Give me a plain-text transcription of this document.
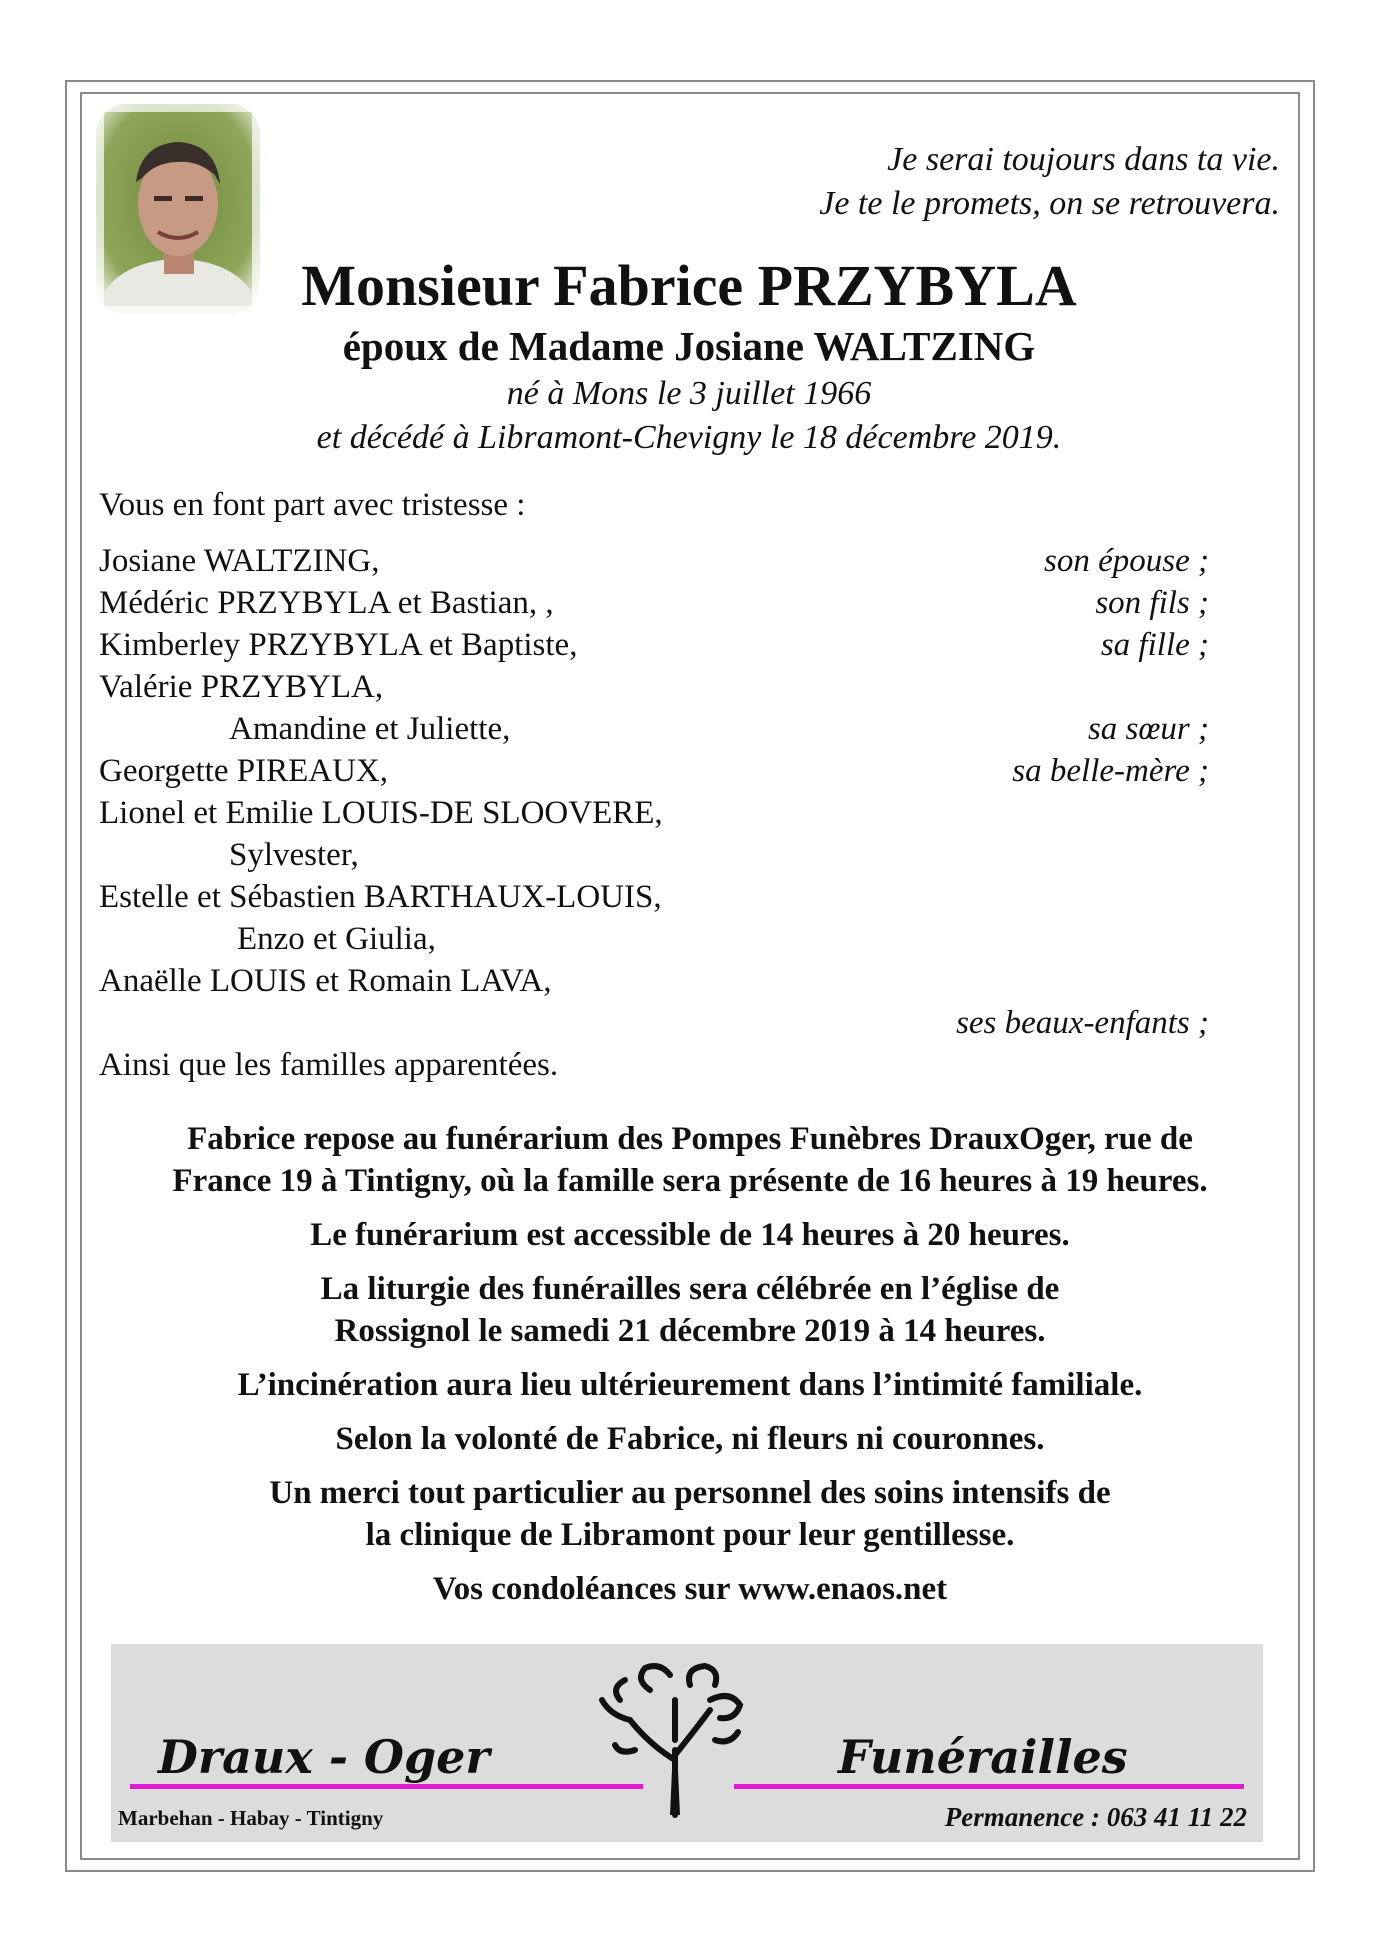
Je serai toujours dans ta vie.
Je te le promets, on se retrouvera.
Monsieur Fabrice PRZYBYLA
époux de Madame Josiane WALTZING
né à Mons le 3 juillet 1966
et décédé à Libramont-Chevigny le 18 décembre 2019.
Vous en font part avec tristesse :
Josiane WALTZING,	son épouse ;
Médéric PRZYBYLA et Bastian, ,	son fils ;
Kimberley PRZYBYLA et Baptiste,	sa fille ;
Valérie PRZYBYLA,
Amandine et Juliette,	sa sœur ;
Georgette PIREAUX,	sa belle-mère ;
Lionel et Emilie LOUIS-DE SLOOVERE,
Sylvester,
Estelle et Sébastien BARTHAUX-LOUIS,
Enzo et Giulia,
Anaëlle LOUIS et Romain LAVA,
ses beaux-enfants ;
Ainsi que les familles apparentées.

Fabrice repose au funérarium des Pompes Funèbres DrauxOger, rue de
France 19 à Tintigny, où la famille sera présente de 16 heures à 19 heures.

Le funérarium est accessible de 14 heures à 20 heures.

La liturgie des funérailles sera célébrée en l’église de
Rossignol le samedi 21 décembre 2019 à 14 heures.

L’incinération aura lieu ultérieurement dans l’intimité familiale.

Selon la volonté de Fabrice, ni fleurs ni couronnes.

Un merci tout particulier au personnel des soins intensifs de
la clinique de Libramont pour leur gentillesse.

Vos condoléances sur www.enaos.net

Draux - Oger	Funérailles
Marbehan - Habay - Tintigny	Permanence : 063 41 11 22
